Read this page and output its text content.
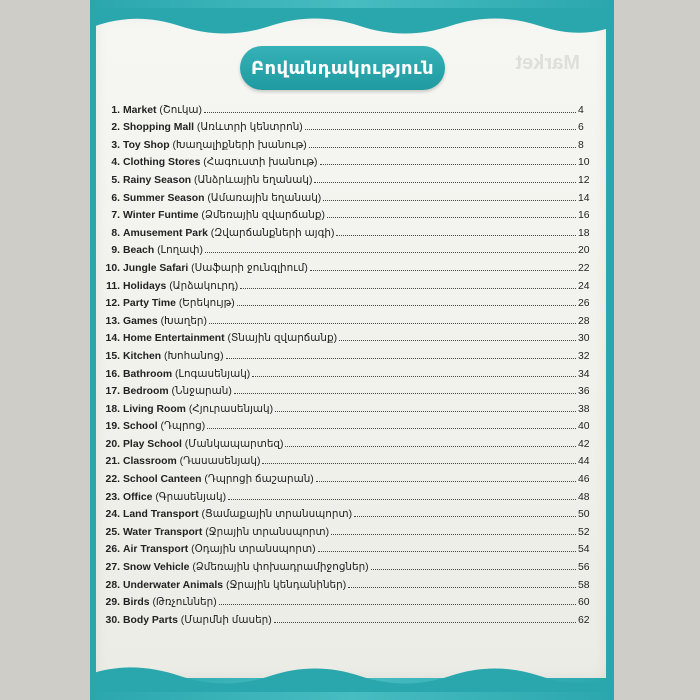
Բովանդակություն	Market
1. Market (Շուկա)	4
2. Shopping Mall (Առևտրի կենտրոն)	6
3. Toy Shop (Խաղալիքների խանութ)	8
4. Clothing Stores (Հագուստի խանութ)	10
5. Rainy Season (Անձրևային եղանակ)	12
6. Summer Season (Ամառային եղանակ)	14
7. Winter Funtime (Ձմեռային զվարճանք)	16
8. Amusement Park (Զվարճանքների այգի)	18
9. Beach (Լողափ)	20
10. Jungle Safari (Սաֆարի ջունգլիում)	22
11. Holidays (Արձակուրդ)	24
12. Party Time (Երեկույթ)	26
13. Games (Խաղեր)	28
14. Home Entertainment (Տնային զվարճանք)	30
15. Kitchen (Խոհանոց)	32
16. Bathroom (Լոգասենյակ)	34
17. Bedroom (Ննջարան)	36
18. Living Room (Հյուրասենյակ)	38
19. School (Դպրոց)	40
20. Play School (Մանկապարտեզ)	42
21. Classroom (Դասասենյակ)	44
22. School Canteen (Դպրոցի ճաշարան)	46
23. Office (Գրասենյակ)	48
24. Land Transport (Ցամաքային տրանսպորտ)	50
25. Water Transport (Ջրային տրանսպորտ)	52
26. Air Transport (Օդային տրանսպորտ)	54
27. Snow Vehicle (Ձմեռային փոխադրամիջոցներ)	56
28. Underwater Animals (Ջրային կենդանիներ)	58
29. Birds (Թռչուններ)	60
30. Body Parts (Մարմնի մասեր)	62
